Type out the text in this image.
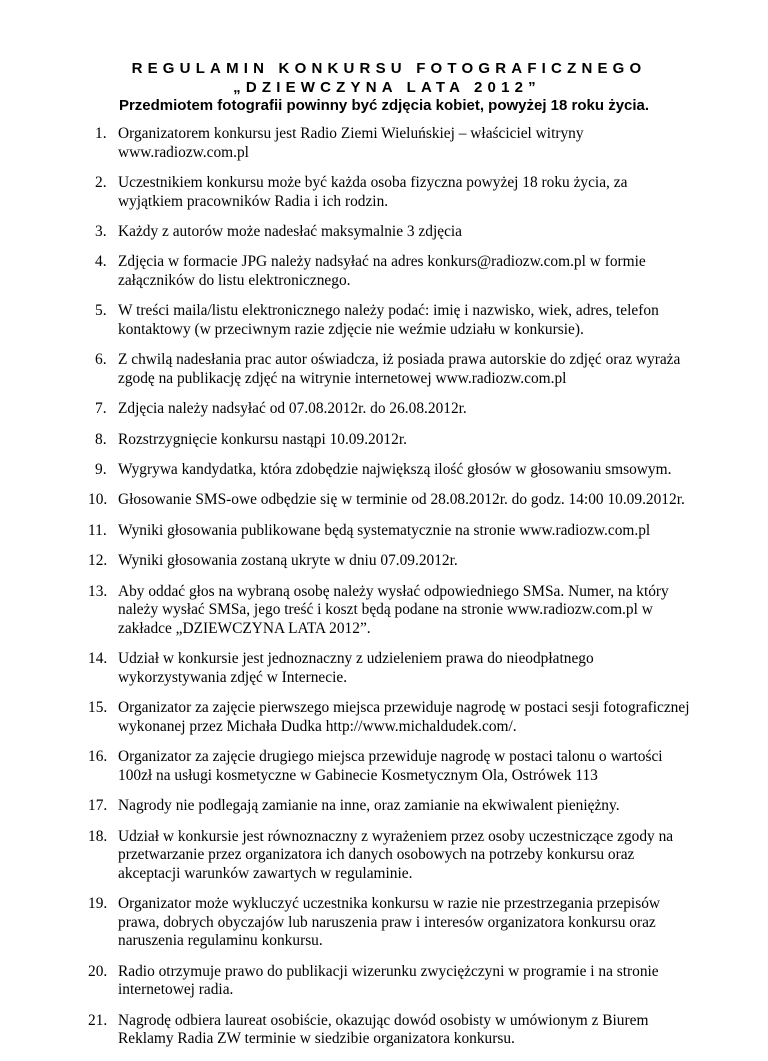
REGULAMIN KONKURSU FOTOGRAFICZNEGO
„DZIEWCZYNA LATA 2012”
Przedmiotem fotografii powinny być zdjęcia kobiet, powyżej 18 roku życia.
1. Organizatorem konkursu jest Radio Ziemi Wieluńskiej – właściciel witryny
www.radiozw.com.pl
2. Uczestnikiem konkursu może być każda osoba fizyczna powyżej 18 roku życia, za
wyjątkiem pracowników Radia i ich rodzin.
3. Każdy z autorów może nadesłać maksymalnie 3 zdjęcia
4. Zdjęcia w formacie JPG należy nadsyłać na adres konkurs@radiozw.com.pl w formie
załączników do listu elektronicznego.
5. W treści maila/listu elektronicznego należy podać: imię i nazwisko, wiek, adres, telefon
kontaktowy (w przeciwnym razie zdjęcie nie weźmie udziału w konkursie).
6. Z chwilą nadesłania prac autor oświadcza, iż posiada prawa autorskie do zdjęć oraz wyraża
zgodę na publikację zdjęć na witrynie internetowej www.radiozw.com.pl
7. Zdjęcia należy nadsyłać od 07.08.2012r. do 26.08.2012r.
8. Rozstrzygnięcie konkursu nastąpi 10.09.2012r.
9. Wygrywa kandydatka, która zdobędzie największą ilość głosów w głosowaniu smsowym.
10. Głosowanie SMS-owe odbędzie się w terminie od 28.08.2012r. do godz. 14:00 10.09.2012r.
11. Wyniki głosowania publikowane będą systematycznie na stronie www.radiozw.com.pl
12. Wyniki głosowania zostaną ukryte w dniu 07.09.2012r.
13. Aby oddać głos na wybraną osobę należy wysłać odpowiedniego SMSa. Numer, na który
należy wysłać SMSa, jego treść i koszt będą podane na stronie www.radiozw.com.pl w
zakładce „DZIEWCZYNA LATA 2012”.
14. Udział w konkursie jest jednoznaczny z udzieleniem prawa do nieodpłatnego
wykorzystywania zdjęć w Internecie.
15. Organizator za zajęcie pierwszego miejsca przewiduje nagrodę w postaci sesji fotograficznej
wykonanej przez Michała Dudka http://www.michaldudek.com/.
16. Organizator za zajęcie drugiego miejsca przewiduje nagrodę w postaci talonu o wartości
100zł na usługi kosmetyczne w Gabinecie Kosmetycznym Ola, Ostrówek 113
17. Nagrody nie podlegają zamianie na inne, oraz zamianie na ekwiwalent pieniężny.
18. Udział w konkursie jest równoznaczny z wyrażeniem przez osoby uczestniczące zgody na
przetwarzanie przez organizatora ich danych osobowych na potrzeby konkursu oraz
akceptacji warunków zawartych w regulaminie.
19. Organizator może wykluczyć uczestnika konkursu w razie nie przestrzegania przepisów
prawa, dobrych obyczajów lub naruszenia praw i interesów organizatora konkursu oraz
naruszenia regulaminu konkursu.
20. Radio otrzymuje prawo do publikacji wizerunku zwyciężczyni w programie i na stronie
internetowej radia.
21. Nagrodę odbiera laureat osobiście, okazując dowód osobisty w umówionym z Biurem
Reklamy Radia ZW terminie w siedzibie organizatora konkursu.
